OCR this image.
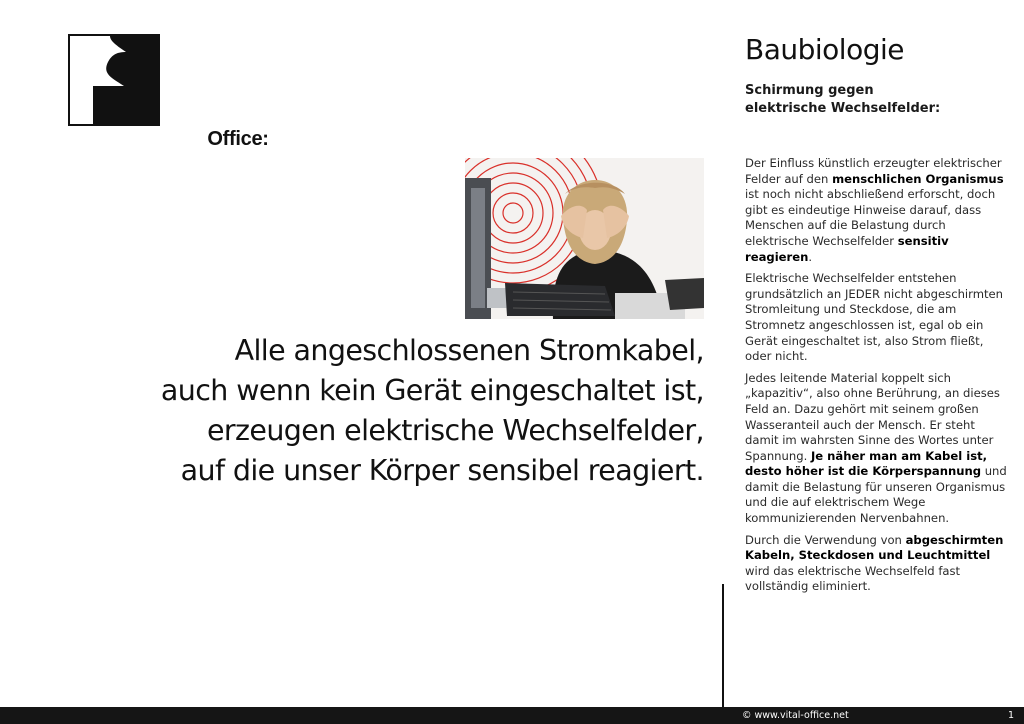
Vital-Office:
Alle angeschlossenen Stromkabel,
auch wenn kein Gerät eingeschaltet ist,
erzeugen elektrische Wechselfelder,
auf die unser Körper sensibel reagiert.
Baubiologie
Schirmung gegen
elektrische Wechselfelder:

Der Einfluss künstlich erzeugter elektrischer Felder auf den menschlichen Organismus ist noch nicht abschließend erforscht, doch gibt es eindeutige Hinweise darauf, dass Menschen auf die Belastung durch elektrische Wechselfelder sensitiv reagieren.

Elektrische Wechselfelder entstehen grundsätzlich an JEDER nicht abgeschirmten Stromleitung und Steckdose, die am Stromnetz angeschlossen ist, egal ob ein Gerät eingeschaltet ist, also Strom fließt, oder nicht.

Jedes leitende Material koppelt sich „kapazitiv“, also ohne Berührung, an dieses Feld an. Dazu gehört mit seinem großen Wasseranteil auch der Mensch. Er steht damit im wahrsten Sinne des Wortes unter Spannung. Je näher man am Kabel ist, desto höher ist die Körperspannung und damit die Belastung für unseren Organismus und die auf elektrischem Wege kommunizierenden Nervenbahnen.

Durch die Verwendung von abgeschirmten Kabeln, Steckdosen und Leuchtmittel wird das elektrische Wechselfeld fast vollständig eliminiert.

© www.vital-office.net	1
